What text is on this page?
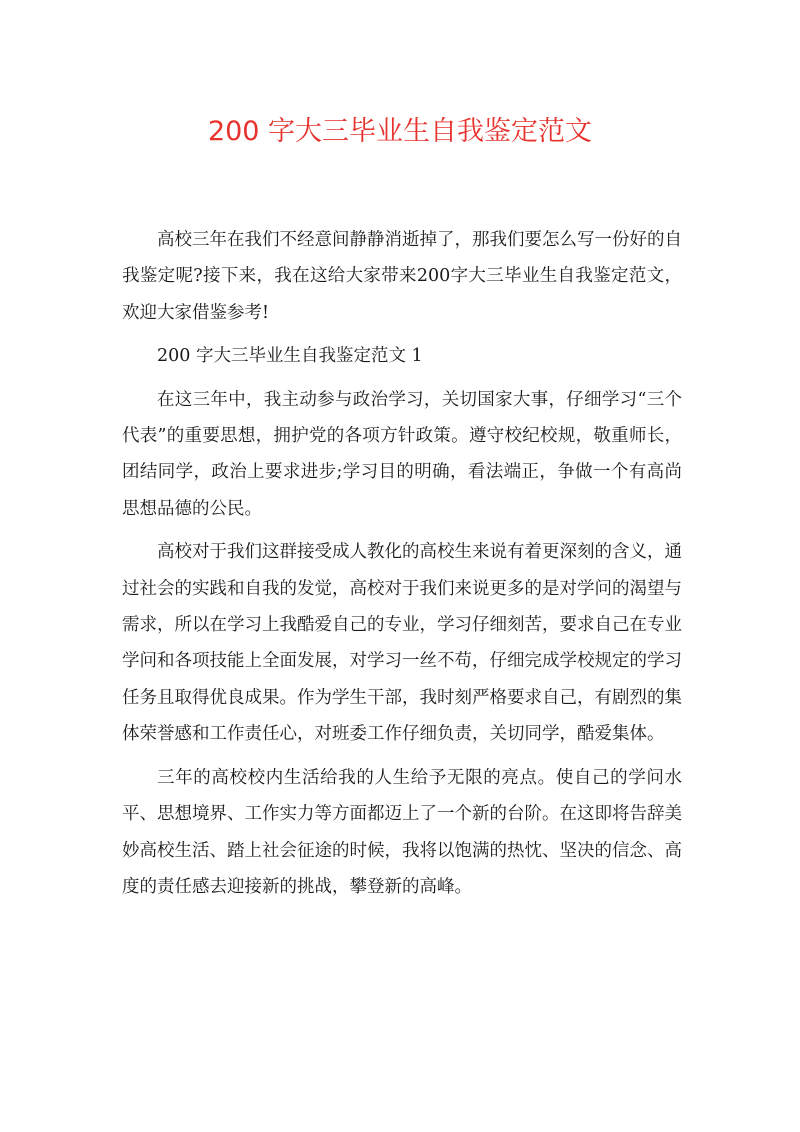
200 字大三毕业生自我鉴定范文

高校三年在我们不经意间静静消逝掉了，那我们要怎么写一份好的自我鉴定呢?接下来，我在这给大家带来200字大三毕业生自我鉴定范文，欢迎大家借鉴参考!

200 字大三毕业生自我鉴定范文 1

在这三年中，我主动参与政治学习，关切国家大事，仔细学习“三个代表”的重要思想，拥护党的各项方针政策。遵守校纪校规，敬重师长，团结同学，政治上要求进步;学习目的明确，看法端正，争做一个有高尚思想品德的公民。

高校对于我们这群接受成人教化的高校生来说有着更深刻的含义，通过社会的实践和自我的发觉，高校对于我们来说更多的是对学问的渴望与需求，所以在学习上我酷爱自己的专业，学习仔细刻苦，要求自己在专业学问和各项技能上全面发展，对学习一丝不苟，仔细完成学校规定的学习任务且取得优良成果。作为学生干部，我时刻严格要求自己，有剧烈的集体荣誉感和工作责任心，对班委工作仔细负责，关切同学，酷爱集体。

三年的高校校内生活给我的人生给予无限的亮点。使自己的学问水平、思想境界、工作实力等方面都迈上了一个新的台阶。在这即将告辞美妙高校生活、踏上社会征途的时候，我将以饱满的热忱、坚决的信念、高度的责任感去迎接新的挑战，攀登新的高峰。
